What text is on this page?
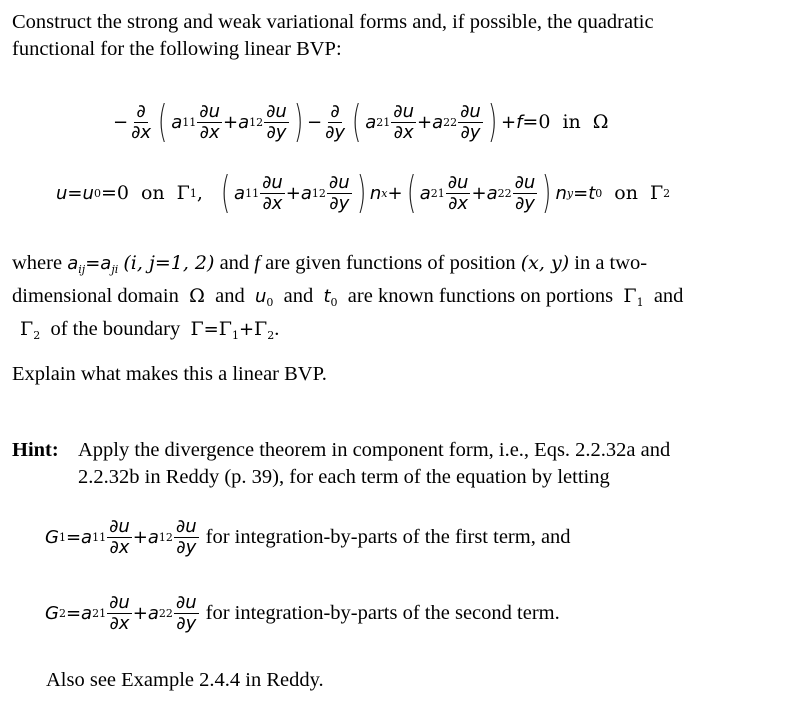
Construct the strong and weak variational forms and, if possible, the quadratic
functional for the following linear BVP:
− $\frac{\partial}{\partial x}$ ( a $11 \frac{\partial u}{\partial x} + a$ $12 \frac{\partial u}{\partial y}$ ) − $\frac{\partial}{\partial y}$ ( a $21 \frac{\partial u}{\partial x} + a$ $22 \frac{\partial u}{\partial y}$ ) +f =0 in Ω
u = u 0 =0 on Γ 1 , ( a $11 \frac{\partial u}{\partial x} + a$ $12 \frac{\partial u}{\partial y}$ ) n x + ( a $21 \frac{\partial u}{\partial x} + a$ $22 \frac{\partial u}{\partial y}$ ) n y = t 0 on Γ 2
where $a_{ij}=a_{ji}$ (i, j=1, 2) and f are given functions of position (x, y) in a two-
dimensional domain Ω and $u_0$ and $t_0$ are known functions on portions $\Gamma_1$ and
$\Gamma_2$ of the boundary $\Gamma=\Gamma_1+\Gamma_2$.
Explain what makes this a linear BVP.
Hint: Apply the divergence theorem in component form, i.e., Eqs. 2.2.32a and
2.2.32b in Reddy (p. 39), for each term of the equation by letting
G 1 = a $11 \frac{\partial u}{\partial x} + a$ $12 \frac{\partial u}{\partial y}$ for integration-by-parts of the first term, and
G 2 = a $21 \frac{\partial u}{\partial x} + a$ $22 \frac{\partial u}{\partial y}$ for integration-by-parts of the second term.
Also see Example 2.4.4 in Reddy.
